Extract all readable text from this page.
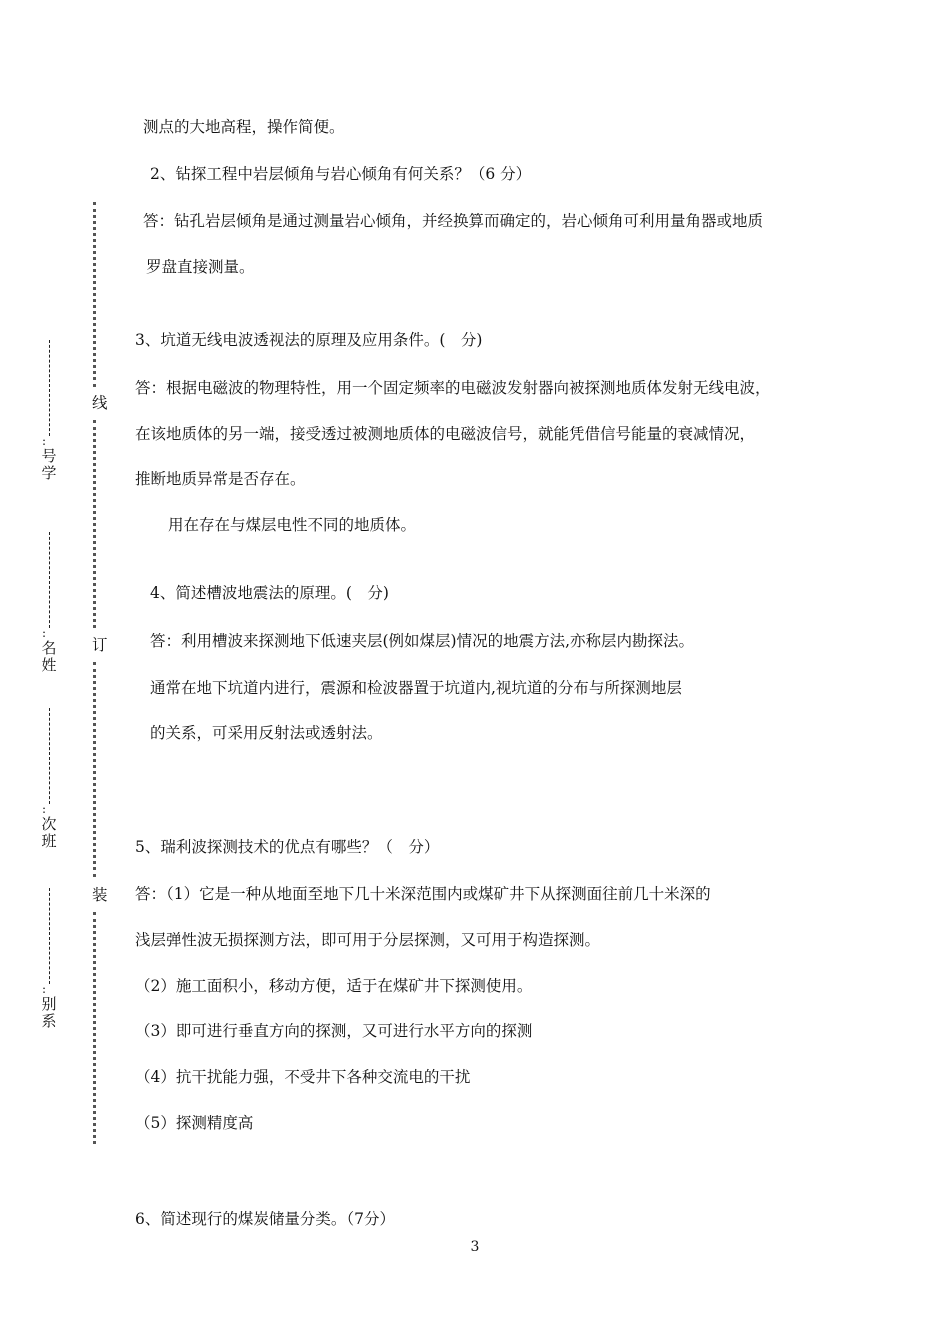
线
订
装
:
号学
:
名姓
:
次班
:
别系
测点的大地高程，操作简便。
2、钻探工程中岩层倾角与岩心倾角有何关系？（6 分）
答：钻孔岩层倾角是通过测量岩心倾角，并经换算而确定的，岩心倾角可利用量角器或地质
罗盘直接测量。
3、坑道无线电波透视法的原理及应用条件。(　分)
答：根据电磁波的物理特性，用一个固定频率的电磁波发射器向被探测地质体发射无线电波，
在该地质体的另一端，接受透过被测地质体的电磁波信号，就能凭借信号能量的衰减情况，
推断地质异常是否存在。
用在存在与煤层电性不同的地质体。
4、简述槽波地震法的原理。(　分)
答：利用槽波来探测地下低速夹层(例如煤层)情况的地震方法,亦称层内勘探法。
通常在地下坑道内进行，震源和检波器置于坑道内,视坑道的分布与所探测地层
的关系，可采用反射法或透射法。
5、瑞利波探测技术的优点有哪些？（　分）
答：（1）它是一种从地面至地下几十米深范围内或煤矿井下从探测面往前几十米深的
浅层弹性波无损探测方法，即可用于分层探测，又可用于构造探测。
（2）施工面积小，移动方便，适于在煤矿井下探测使用。
（3）即可进行垂直方向的探测，又可进行水平方向的探测
（4）抗干扰能力强，不受井下各种交流电的干扰
（5）探测精度高
6、简述现行的煤炭储量分类。（7分）
3
